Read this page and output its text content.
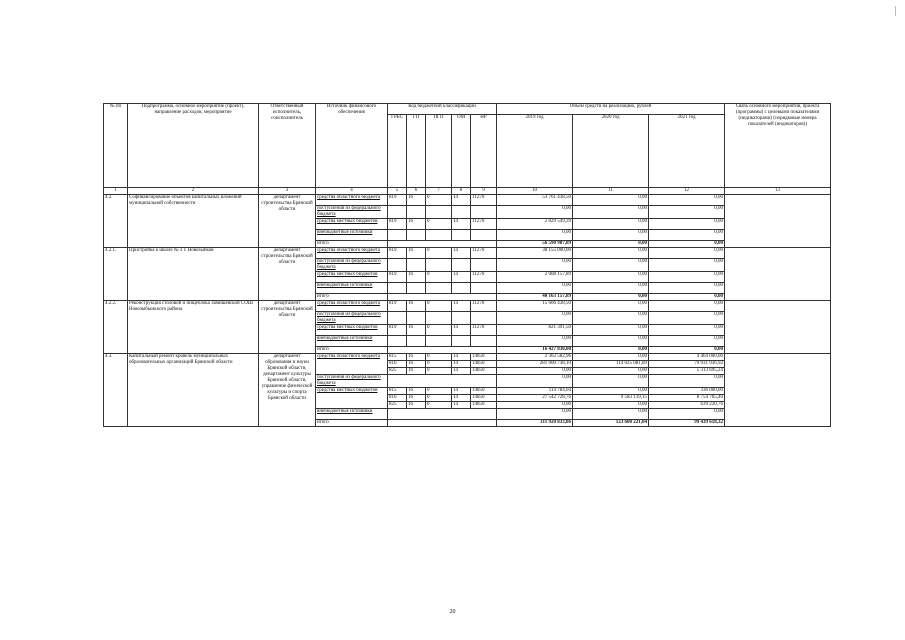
№ пп	Подпрограмма, основное мероприятие (проект), направление расходов, мероприятие	Ответственный исполнитель, соисполнитель	Источник финансового обеспечения	Код бюджетной классификации					Объём средств на реализацию, рублей			Связь основного мероприятия, проекта (программы) с целевыми показателями (индикаторами) (порядковые номера показателей (индикаторов))
				ГРБС	ГП	ПГП	ОМ	НР	2019 год	2020 год	2021 год	
1	2	3	4	5	6	7	8	9	10	11	12	13
4.2.	Софинансирование объектов капитальных вложений муниципальной собственности	департамент строительства Брянской области	средства областного бюджета	819	16	0	14	11270	53 761 438,50	0,00	0,00	
			поступления из федерального бюджета						0,00	0,00	0,00	
			средства местных бюджетов	819	16	0	14	11270	2 829 549,39	0,00	0,00	
			внебюджетные источники						0,00	0,00	0,00	
			итого						56 590 987,89	0,00	0,00	
4.2.1.	Пристройка к школе № 3 г. Новозыбков	департамент строительства Брянской области	средства областного бюджета	819	16	0	14	11270	38 155 000,00	0,00	0,00	
			поступления из федерального бюджета						0,00	0,00	0,00	
			средства местных бюджетов	819	16	0	14	11270	2 008 157,89	0,00	0,00	
			внебюджетные источники						0,00	0,00	0,00	
			итого						40 163 157,89	0,00	0,00	
4.2.2.	Реконструкция столовой и пищеблока Замишевской СОШ Новозыбковского района	департамент строительства Брянской области	средства областного бюджета	819	16	0	14	11270	15 606 438,50	0,00	0,00	
			поступления из федерального бюджета						0,00	0,00	0,00	
			средства местных бюджетов	819	16	0	14	11270	821 391,50	0,00	0,00	
			внебюджетные источники						0,00	0,00	0,00	
			итого						16 427 830,00	0,00	0,00	
4.3.	Капитальный ремонт кровель муниципальных образовательных организаций Брянской области	департамент образования и науки Брянской области, департамент культуры Брянской области, управление физической культуры и спорта Брянской области	средства областного бюджета	815	16	0	14	14850	2 362 582,96	0,00	4 464 000,00	
				816	16	0	14	14850	281 900 738,10	114 025 081,89	79 931 936,92	
				825	16	0	14	14850	0,00	0,00	5 313 695,24	
			поступления из федерального бюджета						0,00	0,00	0,00	
			средства местных бюджетов	815	16	0	14	14850	114 784,04	0,00	336 000,00	
				816	16	0	14	14850	27 542 728,76	9 583 139,15	8 754 765,40	
				825	16	0	14	14850	0,00	0,00	639 220,76	
			внебюджетные источники						0,00	0,00	0,00	
			итого						311 920 833,86	123 608 221,04	99 439 618,32	
20
